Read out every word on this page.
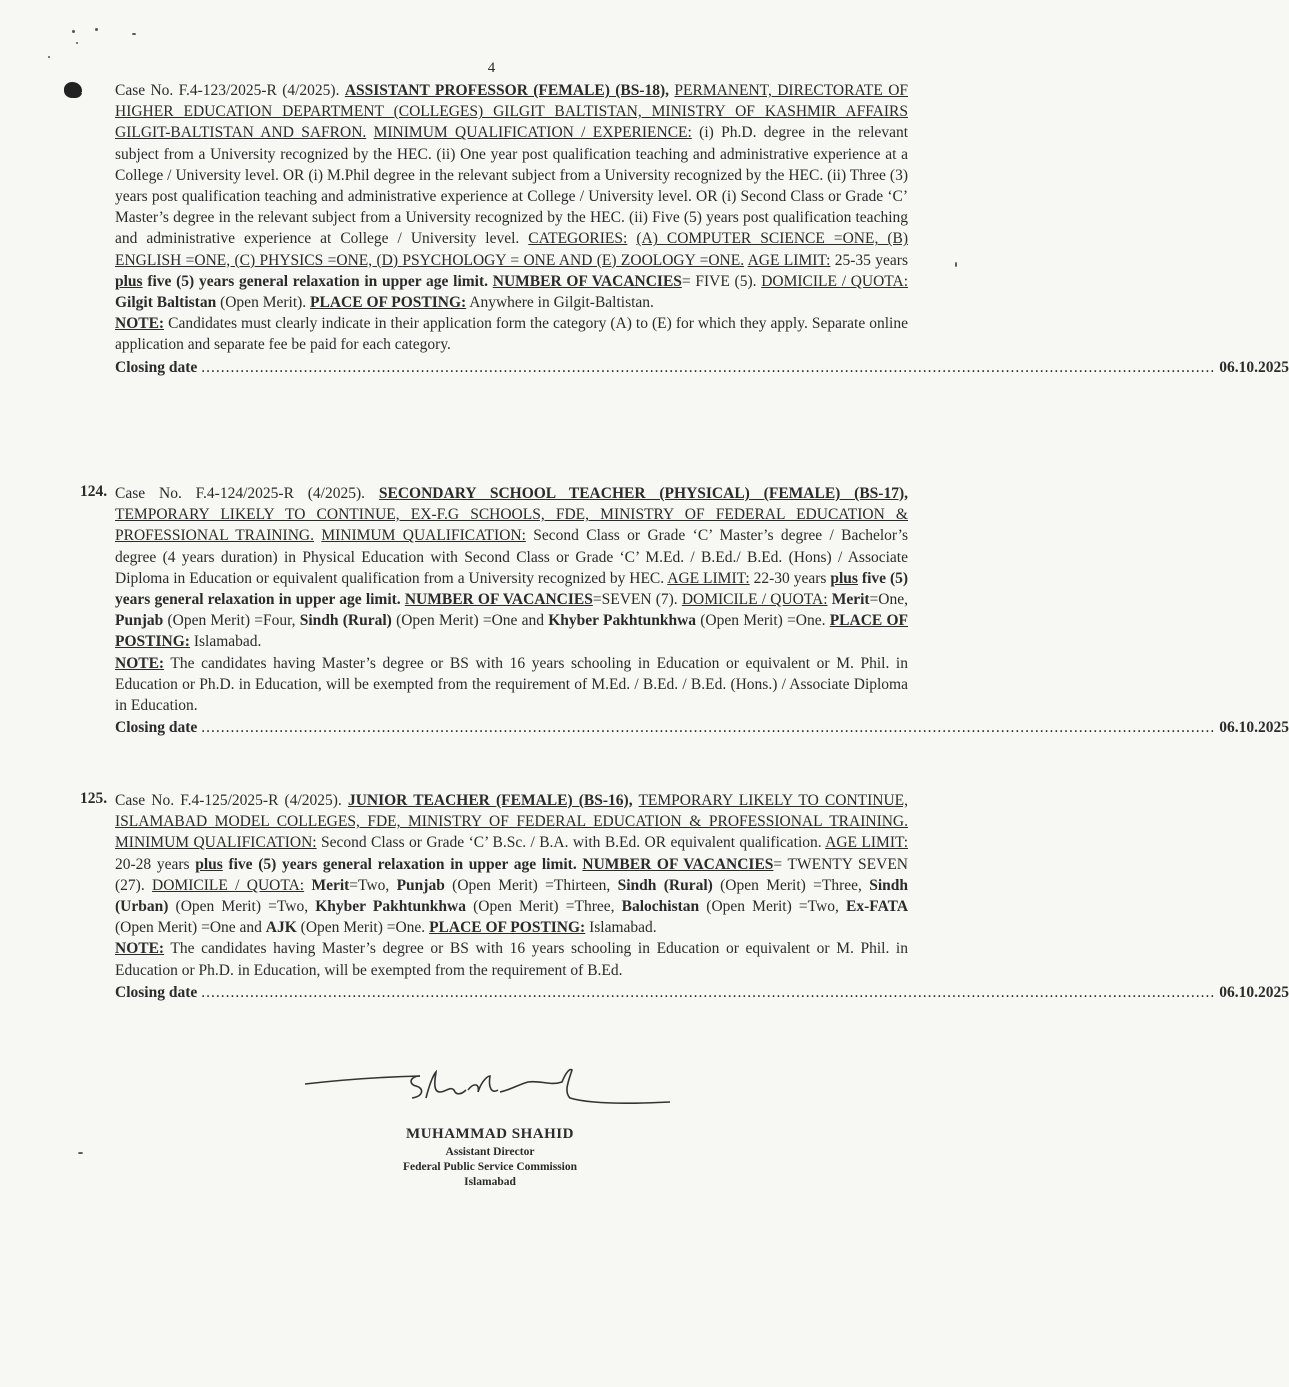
4
123. Case No. F.4-123/2025-R (4/2025). ASSISTANT PROFESSOR (FEMALE) (BS-18), PERMANENT, DIRECTORATE OF HIGHER EDUCATION DEPARTMENT (COLLEGES) GILGIT BALTISTAN, MINISTRY OF KASHMIR AFFAIRS GILGIT-BALTISTAN AND SAFRON. MINIMUM QUALIFICATION / EXPERIENCE: (i) Ph.D. degree in the relevant subject from a University recognized by the HEC. (ii) One year post qualification teaching and administrative experience at a College / University level. OR (i) M.Phil degree in the relevant subject from a University recognized by the HEC. (ii) Three (3) years post qualification teaching and administrative experience at College / University level. OR (i) Second Class or Grade ‘C’ Master’s degree in the relevant subject from a University recognized by the HEC. (ii) Five (5) years post qualification teaching and administrative experience at College / University level. CATEGORIES: (A) COMPUTER SCIENCE =ONE, (B) ENGLISH =ONE, (C) PHYSICS =ONE, (D) PSYCHOLOGY = ONE AND (E) ZOOLOGY =ONE. AGE LIMIT: 25-35 years plus five (5) years general relaxation in upper age limit. NUMBER OF VACANCIES= FIVE (5). DOMICILE / QUOTA: Gilgit Baltistan (Open Merit). PLACE OF POSTING: Anywhere in Gilgit-Baltistan.

NOTE: Candidates must clearly indicate in their application form the category (A) to (E) for which they apply. Separate online application and separate fee be paid for each category.

Closing date ................................................................................................................................................................................................................ 06.10.2025
124. Case No. F.4-124/2025-R (4/2025). SECONDARY SCHOOL TEACHER (PHYSICAL) (FEMALE) (BS-17), TEMPORARY LIKELY TO CONTINUE, EX-F.G SCHOOLS, FDE, MINISTRY OF FEDERAL EDUCATION & PROFESSIONAL TRAINING. MINIMUM QUALIFICATION: Second Class or Grade ‘C’ Master’s degree / Bachelor’s degree (4 years duration) in Physical Education with Second Class or Grade ‘C’ M.Ed. / B.Ed./ B.Ed. (Hons) / Associate Diploma in Education or equivalent qualification from a University recognized by HEC. AGE LIMIT: 22-30 years plus five (5) years general relaxation in upper age limit. NUMBER OF VACANCIES=SEVEN (7). DOMICILE / QUOTA: Merit=One, Punjab (Open Merit) =Four, Sindh (Rural) (Open Merit) =One and Khyber Pakhtunkhwa (Open Merit) =One. PLACE OF POSTING: Islamabad.

NOTE: The candidates having Master’s degree or BS with 16 years schooling in Education or equivalent or M. Phil. in Education or Ph.D. in Education, will be exempted from the requirement of M.Ed. / B.Ed. / B.Ed. (Hons.) / Associate Diploma in Education.

Closing date ................................................................................................................................................................................................................ 06.10.2025
125. Case No. F.4-125/2025-R (4/2025). JUNIOR TEACHER (FEMALE) (BS-16), TEMPORARY LIKELY TO CONTINUE, ISLAMABAD MODEL COLLEGES, FDE, MINISTRY OF FEDERAL EDUCATION & PROFESSIONAL TRAINING. MINIMUM QUALIFICATION: Second Class or Grade ‘C’ B.Sc. / B.A. with B.Ed. OR equivalent qualification. AGE LIMIT: 20-28 years plus five (5) years general relaxation in upper age limit. NUMBER OF VACANCIES= TWENTY SEVEN (27). DOMICILE / QUOTA: Merit=Two, Punjab (Open Merit) =Thirteen, Sindh (Rural) (Open Merit) =Three, Sindh (Urban) (Open Merit) =Two, Khyber Pakhtunkhwa (Open Merit) =Three, Balochistan (Open Merit) =Two, Ex-FATA (Open Merit) =One and AJK (Open Merit) =One. PLACE OF POSTING: Islamabad.

NOTE: The candidates having Master’s degree or BS with 16 years schooling in Education or equivalent or M. Phil. in Education or Ph.D. in Education, will be exempted from the requirement of B.Ed.

Closing date ................................................................................................................................................................................................................ 06.10.2025
MUHAMMAD SHAHID
Assistant Director
Federal Public Service Commission
Islamabad
